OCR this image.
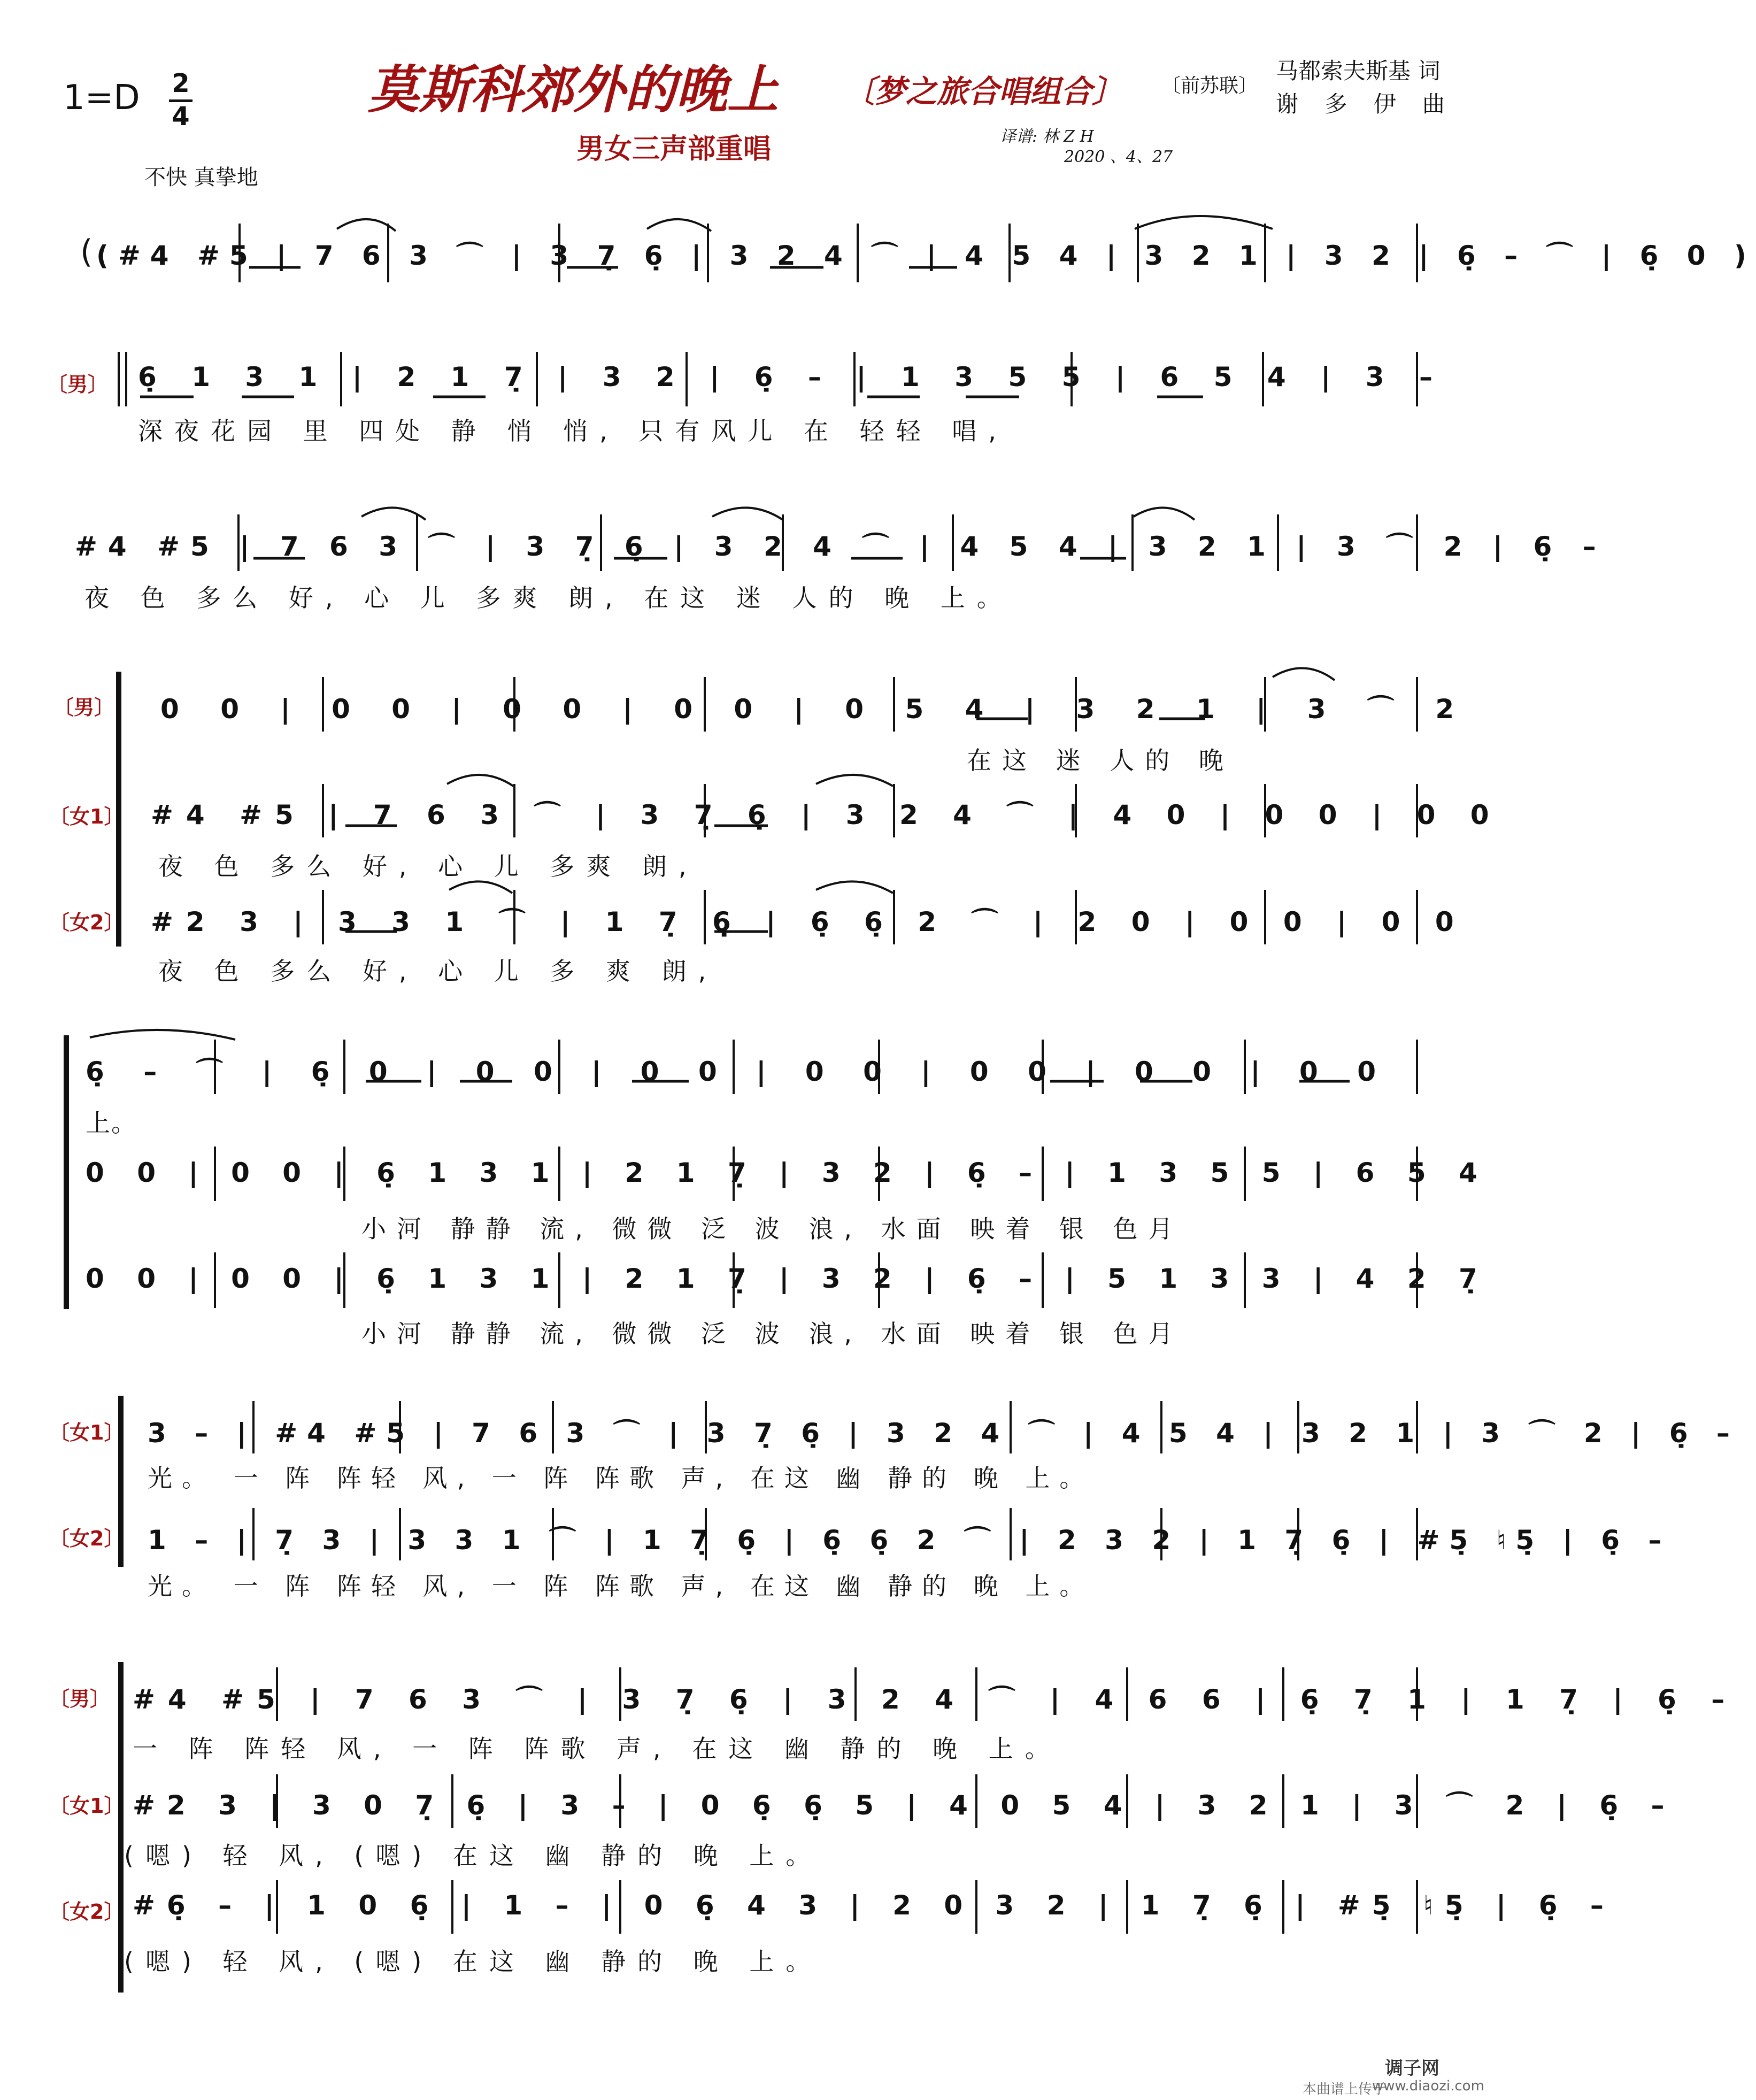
1=D 2
4	莫斯科郊外的晚上 〔梦之旅合唱组合〕
男女三声部重唱
〔前苏联〕
马都索夫斯基 词
谢 多 伊 曲
译谱: 林 Z H
2020 、4、27
不快 真挚地
( (#4 #5 | 7 6 3 ⌒ | 3 7̣ 6̣ | 3 2 4 ⌒ | 4 5 4 | 3 2 1 | 3 2 | 6̣ – ⌒ | 6̣ 0 )
〔男〕 6̣ 1 3 1 | 2 1 7̣ | 3 2 | 6̣ – | 1 3 5 5 | 6 5 4 | 3 –
深夜花园 里 四处 静 悄 悄, 只有风儿 在 轻轻 唱,
#4 #5 | 7 6 3 ⌒ | 3 7̣ 6̣ | 3 2 4 ⌒ | 4 5 4 | 3 2 1 | 3 ⌒ 2 | 6̣ –
夜 色 多么 好, 心 儿 多爽 朗, 在这 迷 人的 晚 上。
〔男〕
〔女1〕
〔女2〕
0 0 | 0 0 | 0 0 | 0 0 | 0 5 4 | 3 2 1 | 3 ⌒ 2
在这 迷 人的 晚
#4 #5 | 7 6 3 ⌒ | 3 7̣ 6̣ | 3 2 4 ⌒ | 4 0 | 0 0 | 0 0
夜 色 多么 好, 心 儿 多爽 朗,
#2 3 | 3 3 1 ⌒ | 1 7̣ 6̣ | 6̣ 6̣ 2 ⌒ | 2 0 | 0 0 | 0 0
夜 色 多么 好, 心 儿 多 爽 朗,
6̣ – ⌒ | 6̣ 0 | 0 0 | 0 0 | 0 0 | 0 0 | 0 0 | 0 0
上。
0 0 | 0 0 | 6̣ 1 3 1 | 2 1 7̣ | 3 2 | 6̣ – | 1 3 5 5 | 6 5 4
小河 静静 流, 微微 泛 波 浪, 水面 映着 银 色月
0 0 | 0 0 | 6̣ 1 3 1 | 2 1 7̣ | 3 2 | 6̣ – | 5 1 3 3 | 4 2 7̣
小河 静静 流, 微微 泛 波 浪, 水面 映着 银 色月
〔女1〕
〔女2〕
3 – | #4 #5 | 7 6 3 ⌒ | 3 7̣ 6̣ | 3 2 4 ⌒ | 4 5 4 | 3 2 1 | 3 ⌒ 2 | 6̣ –
光。 一 阵 阵轻 风, 一 阵 阵歌 声, 在这 幽 静的 晚 上。
1 – | 7̣ 3 | 3 3 1 ⌒ | 1 7̣ 6̣ | 6̣ 6̣ 2 ⌒ | 2 3 2 | 1 7̣ 6̣ | #5̣ ♮5̣ | 6̣ –
光。 一 阵 阵轻 风, 一 阵 阵歌 声, 在这 幽 静的 晚 上。
〔男〕
〔女1〕
〔女2〕
#4 #5 | 7 6 3 ⌒ | 3 7̣ 6̣ | 3 2 4 ⌒ | 4 6 6 | 6̣ 7̣ 1 | 1 7̣ | 6̣ –
一 阵 阵轻 风, 一 阵 阵歌 声, 在这 幽 静的 晚 上。
#2 3 | 3 0 7̣ 6̣ | 3 – | 0 6̣ 6̣ 5 | 4 0 5 4 | 3 2 1 | 3 ⌒ 2 | 6̣ –
(嗯) 轻 风, (嗯) 在这 幽 静的 晚 上。
#6̣ – | 1 0 6̣ | 1 – | 0 6̣ 4 3 | 2 0 3 2 | 1 7̣ 6̣ | #5̣ ♮5̣ | 6̣ –
(嗯) 轻 风, (嗯) 在这 幽 静的 晚 上。
调子网
本曲谱上传于
www.diaozi.com
